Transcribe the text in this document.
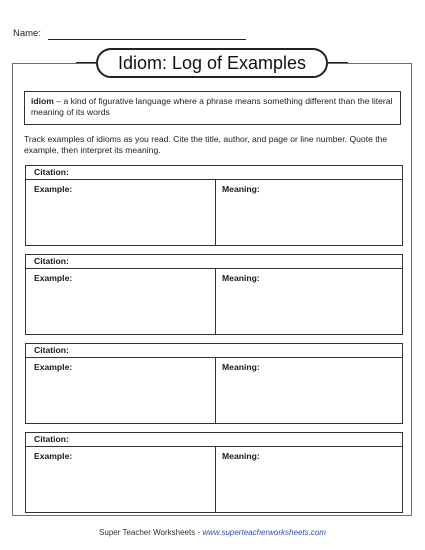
Name:
Idiom: Log of Examples
idiom – a kind of figurative language where a phrase means something different than the literal meaning of its words
Track examples of idioms as you read. Cite the title, author, and page or line number. Quote the example, then interpret its meaning.
Citation:
Example:	Meaning:
Citation:
Example:	Meaning:
Citation:
Example:	Meaning:
Citation:
Example:	Meaning:
Super Teacher Worksheets - www.superteacherworksheets.com
